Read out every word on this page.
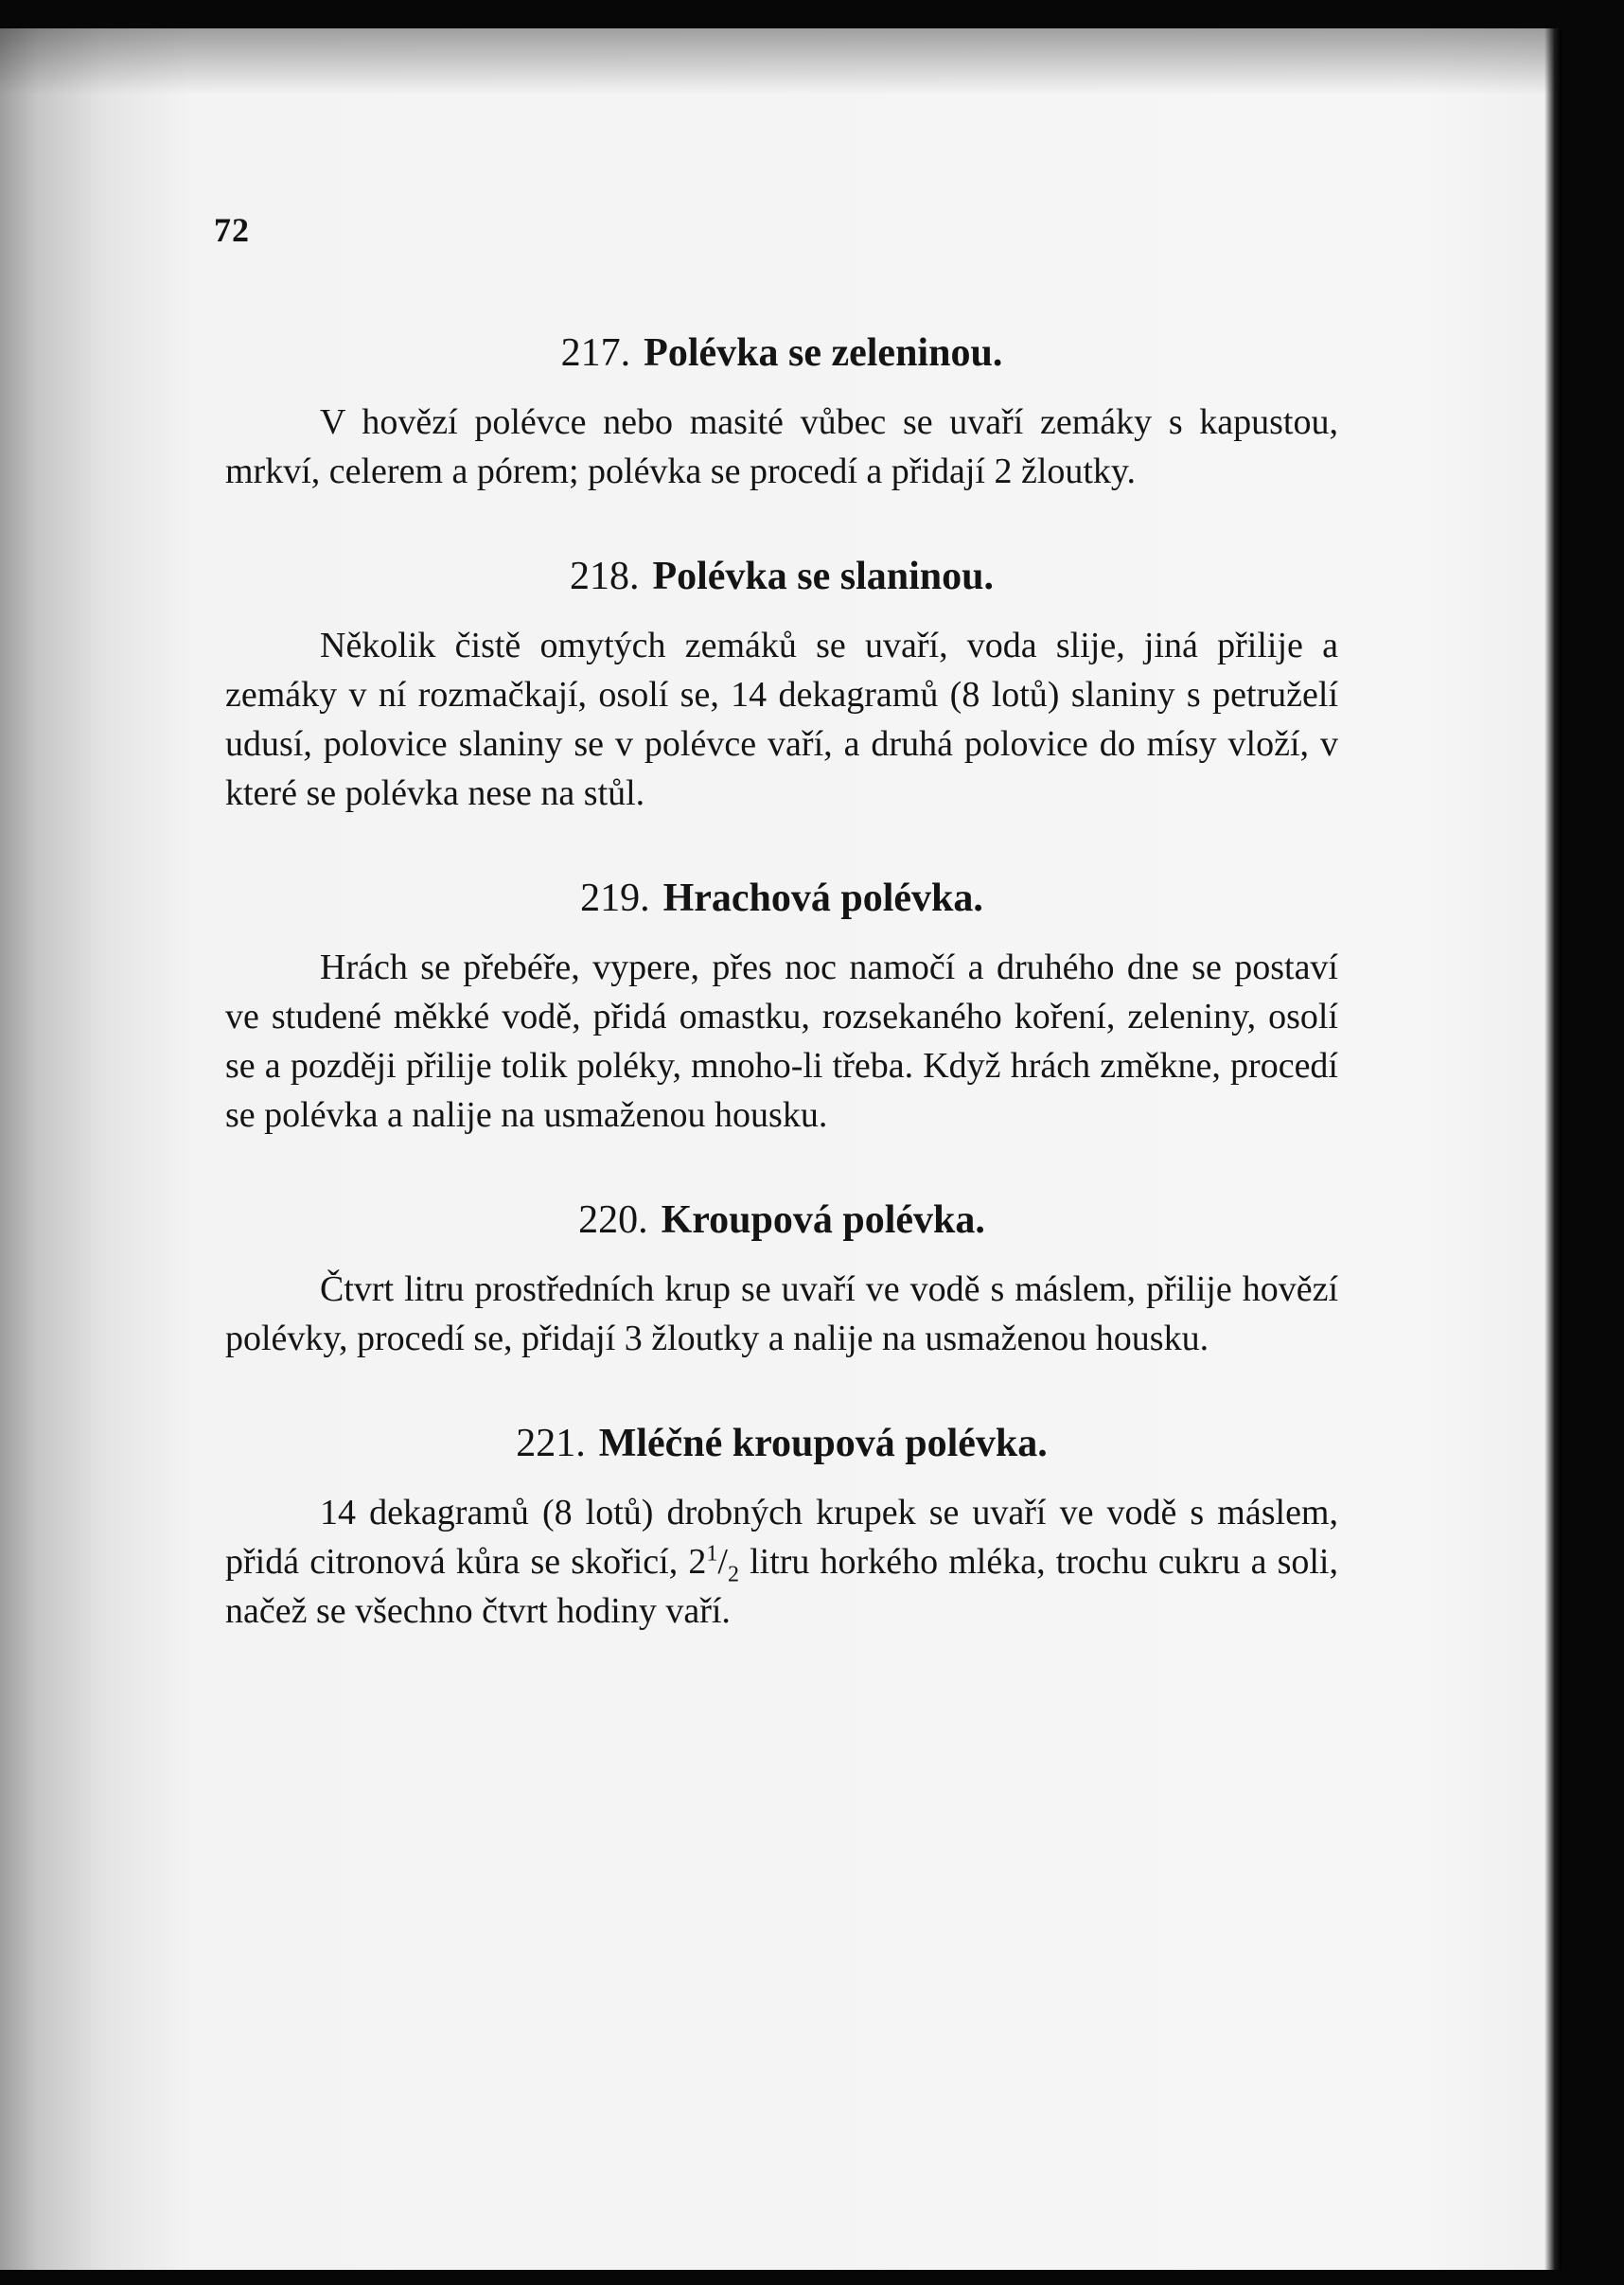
72
217. Polévka se zeleninou.

V hovězí polévce nebo masité vůbec se uvaří zemáky s kapustou, mrkví, celerem a pórem; polévka se procedí a přidají 2 žloutky.

218. Polévka se slaninou.

Několik čistě omytých zemáků se uvaří, voda slije, jiná přilije a zemáky v ní rozmačkají, osolí se, 14 dekagramů (8 lotů) slaniny s petruželí udusí, polovice slaniny se v polévce vaří, a druhá polovice do mísy vloží, v které se polévka nese na stůl.

219. Hrachová polévka.

Hrách se přebéře, vypere, přes noc namočí a druhého dne se postaví ve studené měkké vodě, přidá omastku, rozsekaného koření, zeleniny, osolí se a později přilije tolik poléky, mnoho-li třeba. Když hrách změkne, procedí se polévka a nalije na usmaženou housku.

220. Kroupová polévka.

Čtvrt litru prostředních krup se uvaří ve vodě s máslem, přilije hovězí polévky, procedí se, přidají 3 žloutky a nalije na usmaženou housku.

221. Mléčné kroupová polévka.

14 dekagramů (8 lotů) drobných krupek se uvaří ve vodě s máslem, přidá citronová kůra se skořicí, $2^1/_2$ litru horkého mléka, trochu cukru a soli, načež se všechno čtvrt hodiny vaří.
